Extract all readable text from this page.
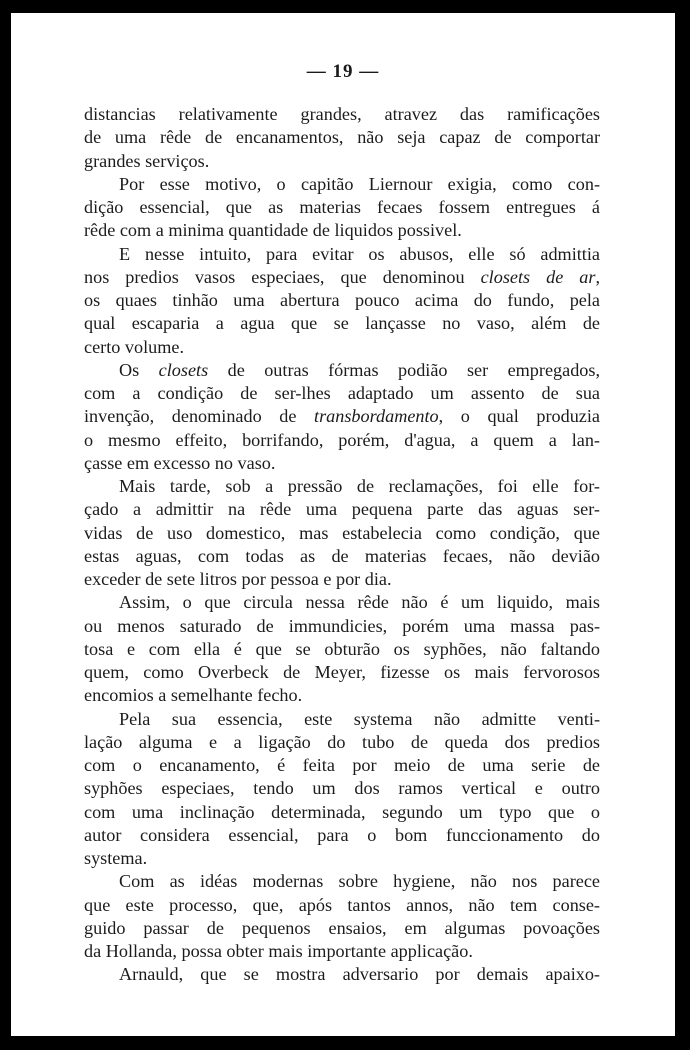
— 19 —

distancias relativamente grandes, atravez das ramificações
de uma rêde de encanamentos, não seja capaz de comportar
grandes serviços.

Por esse motivo, o capitão Liernour exigia, como con-
dição essencial, que as materias fecaes fossem entregues á
rêde com a minima quantidade de liquidos possivel.

E nesse intuito, para evitar os abusos, elle só admittia
nos predios vasos especiaes, que denominou closets de ar,
os quaes tinhão uma abertura pouco acima do fundo, pela
qual escaparia a agua que se lançasse no vaso, além de
certo volume.

Os closets de outras fórmas podião ser empregados,
com a condição de ser-lhes adaptado um assento de sua
invenção, denominado de transbordamento, o qual produzia
o mesmo effeito, borrifando, porém, d'agua, a quem a lan-
çasse em excesso no vaso.

Mais tarde, sob a pressão de reclamações, foi elle for-
çado a admittir na rêde uma pequena parte das aguas ser-
vidas de uso domestico, mas estabelecia como condição, que
estas aguas, com todas as de materias fecaes, não devião
exceder de sete litros por pessoa e por dia.

Assim, o que circula nessa rêde não é um liquido, mais
ou menos saturado de immundicies, porém uma massa pas-
tosa e com ella é que se obturão os syphões, não faltando
quem, como Overbeck de Meyer, fizesse os mais fervorosos
encomios a semelhante fecho.

Pela sua essencia, este systema não admitte venti-
lação alguma e a ligação do tubo de queda dos predios
com o encanamento, é feita por meio de uma serie de
syphões especiaes, tendo um dos ramos vertical e outro
com uma inclinação determinada, segundo um typo que o
autor considera essencial, para o bom funccionamento do
systema.

Com as idéas modernas sobre hygiene, não nos parece
que este processo, que, após tantos annos, não tem conse-
guido passar de pequenos ensaios, em algumas povoações
da Hollanda, possa obter mais importante applicação.

Arnauld, que se mostra adversario por demais apaixo-
